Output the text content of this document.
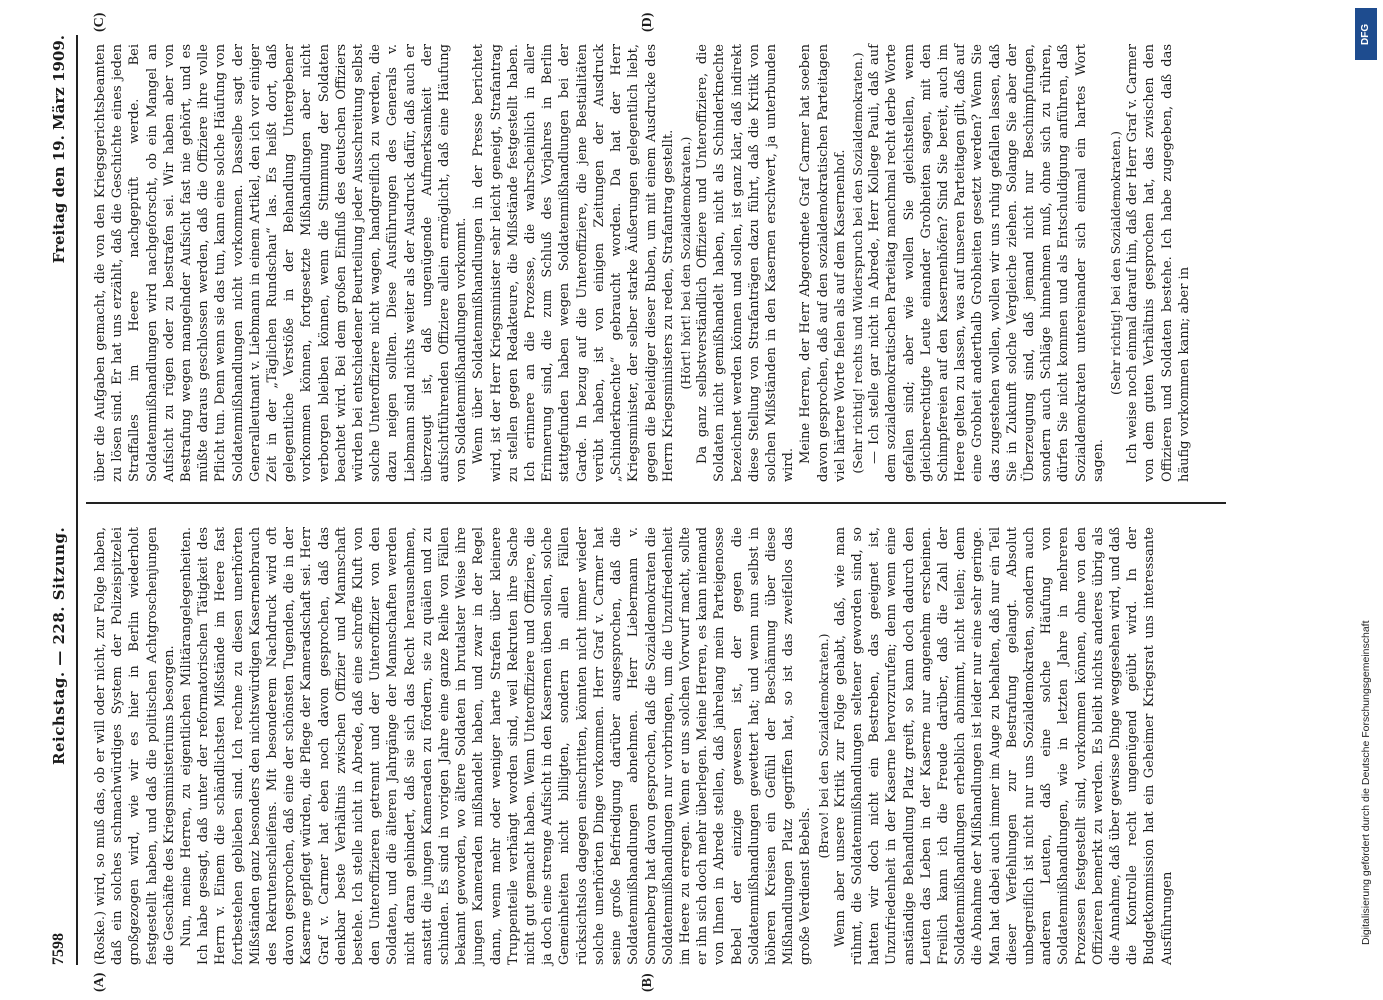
7598
Reichstag. — 228. Sitzung.
Freitag den 19. März 1909.
(A)	(B)
(C)	(D)

(Roske.) wird, so muß das, ob er will oder nicht, zur Folge haben, daß ein solches schmachwürdiges System der Polizeispitzelei großgezogen wird, wie wir es hier in Berlin wiederholt festgestellt haben, und daß die politischen Achtgroschenjungen die Geschäfte des Kriegsministeriums besorgen. Nun, meine Herren, zu eigentlichen Militärangelegenheiten. Ich habe gesagt, daß unter der reformatorischen Tätigkeit des Herrn v. Einem die schändlichsten Mißstände im Heere fast fortbestehen geblieben sind. Ich rechne zu diesen unerhörten Mißständen ganz besonders den nichtswürdigen Kasernenbrauch des Rekrutenschleifens. Mit besonderem Nachdruck wird oft davon gesprochen, daß eine der schönsten Tugenden, die in der Kaserne gepflegt würden, die Pflege der Kameradschaft sei. Herr Graf v. Carmer hat eben noch davon gesprochen, daß das denkbar beste Verhältnis zwischen Offizier und Mannschaft bestehe. Ich stelle nicht in Abrede, daß eine schroffe Kluft von den Unteroffizieren getrennt und der Unteroffizier von den Soldaten, und die älteren Jahrgänge der Mannschaften werden nicht daran gehindert, daß sie sich das Recht herausnehmen, anstatt die jungen Kameraden zu fördern, sie zu quälen und zu schinden. Es sind in vorigen Jahre eine ganze Reihe von Fällen bekannt geworden, wo ältere Soldaten in brutalster Weise ihre jungen Kameraden mißhandelt haben, und zwar in der Regel dann, wenn mehr oder weniger harte Strafen über kleinere Truppenteile verhängt worden sind, weil Rekruten ihre Sache nicht gut gemacht haben. Wenn Unteroffiziere und Offiziere, die ja doch eine strenge Aufsicht in den Kasernen üben sollen, solche Gemeinheiten nicht billigten, sondern in allen Fällen rücksichtslos dagegen einschritten, könnten nicht immer wieder solche unerhörten Dinge vorkommen. Herr Graf v. Carmer hat seine große Befriedigung darüber ausgesprochen, daß die Soldatenmißhandlungen abnehmen. Herr Liebermann v. Sonnenberg hat davon gesprochen, daß die Sozialdemokraten die Soldatenmißhandlungen nur vorbringen, um die Unzufriedenheit im Heere zu erregen. Wenn er uns solchen Vorwurf macht, sollte er ihn sich doch mehr überlegen. Meine Herren, es kann niemand von Ihnen in Abrede stellen, daß jahrelang mein Parteigenosse Bebel der einzige gewesen ist, der gegen die Soldatenmißhandlungen gewettert hat; und wenn nun selbst in höheren Kreisen ein Gefühl der Beschämung über diese Mißhandlungen Platz gegriffen hat, so ist das zweifellos das große Verdienst Bebels.

(Bravo! bei den Sozialdemokraten.) Wenn aber unsere Kritik zur Folge gehabt, daß, wie man rühmt, die Soldatenmißhandlungen seltener geworden sind, so hatten wir doch nicht ein Bestreben, das geeignet ist, Unzufriedenheit in der Kaserne hervorzurufen; denn wenn eine anständige Behandlung Platz greift, so kann doch dadurch den Leuten das Leben in der Kaserne nur angenehm erscheinen. Freilich kann ich die Freude darüber, daß die Zahl der Soldatenmißhandlungen erheblich abnimmt, nicht teilen; denn die Abnahme der Mißhandlungen ist leider nur eine sehr geringe. Man hat dabei auch immer im Auge zu behalten, daß nur ein Teil dieser Verfehlungen zur Bestrafung gelangt. Absolut unbegreiflich ist nicht nur uns Sozialdemokraten, sondern auch anderen Leuten, daß eine solche Häufung von Soldatenmißhandlungen, wie in letzten Jahre in mehreren Prozessen festgestellt sind, vorkommen können, ohne von den Offizieren bemerkt zu werden. Es bleibt nichts anderes übrig als die Annahme, daß über gewisse Dinge weggesehen wird, und daß die Kontrolle recht ungenügend geübt wird. In der Budgetkommission hat ein Geheimer Kriegsrat uns interessante Ausführungen

über die Aufgaben gemacht, die von den Kriegsgerichtsbeamten zu lösen sind. Er hat uns erzählt, daß die Geschichte eines jeden Straffalles im Heere nachgeprüft werde. Bei Soldatenmißhandlungen wird nachgeforscht, ob ein Mangel an Aufsicht zu rügen oder zu bestrafen sei. Wir haben aber von Bestrafung wegen mangelnder Aufsicht fast nie gehört, und es müßte daraus geschlossen werden, daß die Offiziere ihre volle Pflicht tun. Denn wenn sie das tun, kann eine solche Häufung von Soldatenmißhandlungen nicht vorkommen. Dasselbe sagt der Generalleutnant v. Liebmann in einem Artikel, den ich vor einiger Zeit in der „Täglichen Rundschau“ las. Es heißt dort, daß gelegentliche Verstöße in der Behandlung Untergebener vorkommen können, fortgesetzte Mißhandlungen aber nicht verborgen bleiben können, wenn die Stimmung der Soldaten beachtet wird. Bei dem großen Einfluß des deutschen Offiziers würden bei entschiedener Beurteilung jeder Ausschreitung selbst solche Unteroffiziere nicht wagen, handgreiflich zu werden, die dazu neigen sollten. Diese Ausführungen des Generals v. Liebmann sind nichts weiter als der Ausdruck dafür, daß auch er überzeugt ist, daß ungenügende Aufmerksamkeit der aufsichtführenden Offiziere allein ermöglicht, daß eine Häufung von Soldatenmißhandlungen vorkommt. Wenn über Soldatenmißhandlungen in der Presse berichtet wird, ist der Herr Kriegsminister sehr leicht geneigt, Strafantrag zu stellen gegen Redakteure, die Mißstände festgestellt haben. Ich erinnere an die Prozesse, die wahrscheinlich in aller Erinnerung sind, die zum Schluß des Vorjahres in Berlin stattgefunden haben wegen Soldatenmißhandlungen bei der Garde. In bezug auf die Unteroffiziere, die jene Bestialitäten verübt haben, ist von einigen Zeitungen der Ausdruck „Schinderknechte“ gebraucht worden. Da hat der Herr Kriegsminister, der selber starke Äußerungen gelegentlich liebt, gegen die Beleidiger dieser Buben, um mit einem Ausdrucke des Herrn Kriegsministers zu reden, Strafantrag gestellt. (Hört! hört! bei den Sozialdemokraten.) Da ganz selbstverständlich Offiziere und Unteroffiziere, die Soldaten nicht gemißhandelt haben, nicht als Schinderknechte bezeichnet werden können und sollen, ist ganz klar, daß indirekt diese Stellung von Strafanträgen dazu führt, daß die Kritik von solchen Mißständen in den Kasernen erschwert, ja unterbunden wird.

Meine Herren, der Herr Abgeordnete Graf Carmer hat soeben davon gesprochen, daß auf den sozialdemokratischen Parteitagen viel härtere Worte fielen als auf dem Kasernenhof. (Sehr richtig! rechts und Widerspruch bei den Sozialdemokraten.) — Ich stelle gar nicht in Abrede, Herr Kollege Pauli, daß auf dem sozialdemokratischen Parteitag manchmal recht derbe Worte gefallen sind; aber wie wollen Sie gleichstellen, wenn gleichberechtigte Leute einander Grobheiten sagen, mit den Schimpfereien auf den Kasernenhöfen? Sind Sie bereit, auch im Heere gelten zu lassen, was auf unseren Parteitagen gilt, daß auf eine Grobheit anderthalb Grobheiten gesetzt werden? Wenn Sie das zugestehen wollen, wollen wir uns ruhig gefallen lassen, daß Sie in Zukunft solche Vergleiche ziehen. Solange Sie aber der Überzeugung sind, daß jemand nicht nur Beschimpfungen, sondern auch Schläge hinnehmen muß, ohne sich zu rühren, dürfen Sie nicht kommen und als Entschuldigung anführen, daß Sozialdemokraten untereinander sich einmal ein hartes Wort sagen.

(Sehr richtig! bei den Sozialdemokraten.) Ich weise noch einmal darauf hin, daß der Herr Graf v. Carmer von dem guten Verhältnis gesprochen hat, das zwischen den Offizieren und Soldaten bestehe. Ich habe zugegeben, daß das häufig vorkommen kann; aber in

DFG
Digitalisierung gefördert durch die Deutsche Forschungsgemeinschaft
